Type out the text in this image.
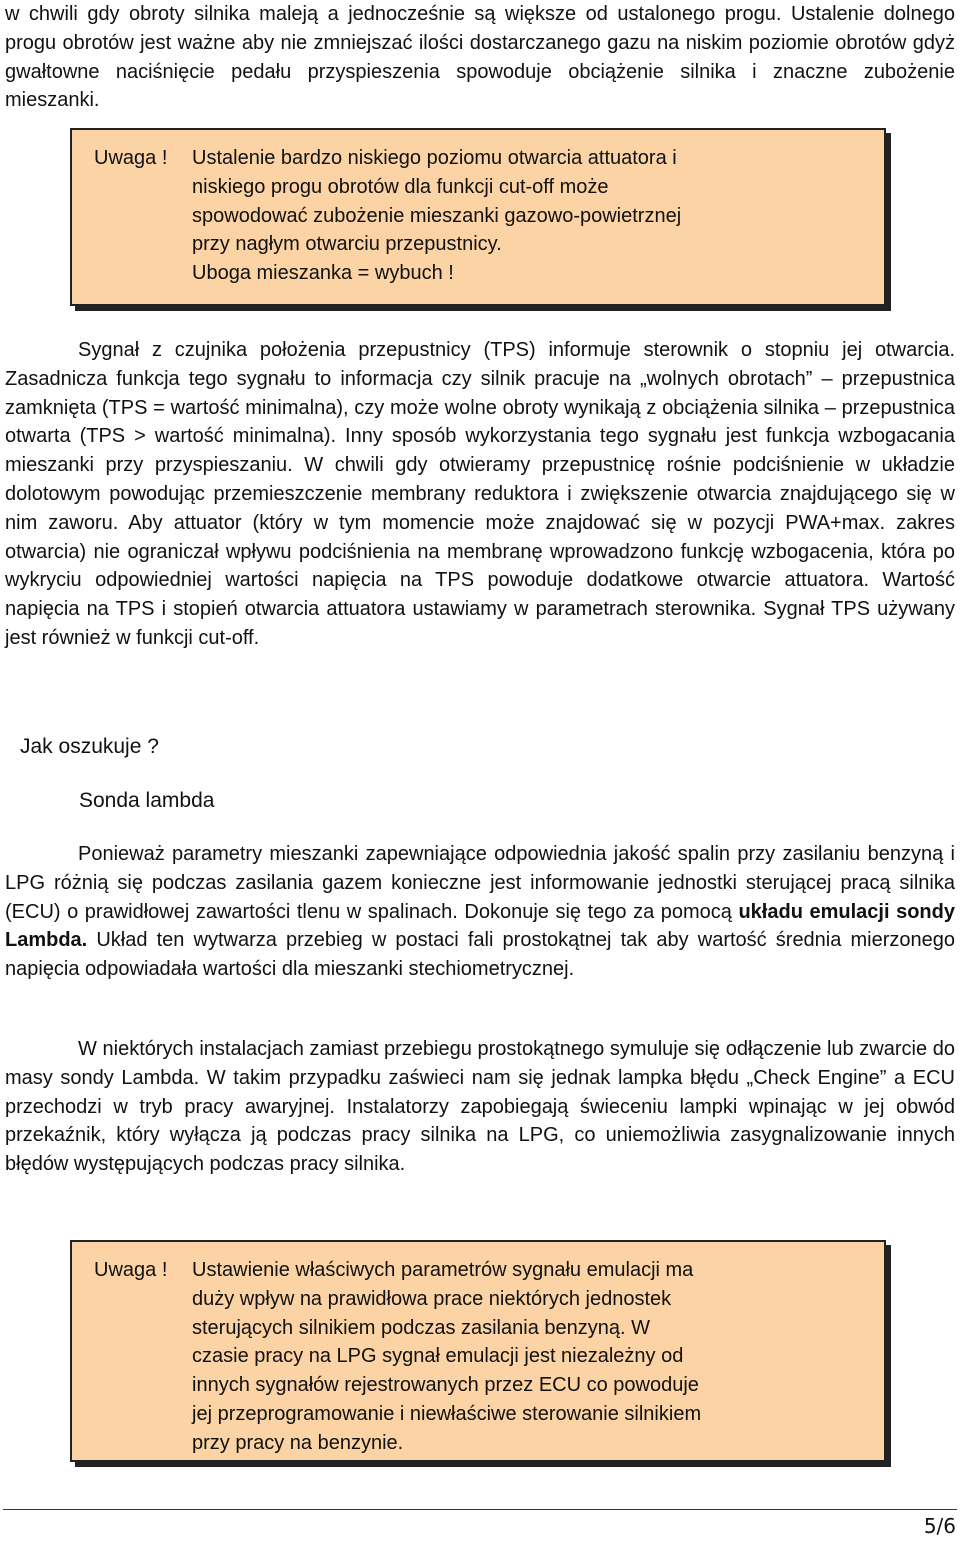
w chwili gdy obroty silnika maleją a jednocześnie są większe od ustalonego progu. Ustalenie dolnego progu obrotów jest ważne aby nie zmniejszać ilości dostarczanego gazu na niskim poziomie obrotów gdyż gwałtowne naciśnięcie pedału przyspieszenia spowoduje obciążenie silnika i znaczne zubożenie mieszanki.

Uwaga !	Ustalenie bardzo niskiego poziomu otwarcia attuatora i
niskiego progu obrotów dla funkcji cut-off może
spowodować zubożenie mieszanki gazowo-powietrznej
przy nagłym otwarciu przepustnicy.
Uboga mieszanka = wybuch !

Sygnał z czujnika położenia przepustnicy (TPS) informuje sterownik o stopniu jej otwarcia. Zasadnicza funkcja tego sygnału to informacja czy silnik pracuje na „wolnych obrotach” – przepustnica zamknięta (TPS = wartość minimalna), czy może wolne obroty wynikają z obciążenia silnika – przepustnica otwarta (TPS > wartość minimalna). Inny sposób wykorzystania tego sygnału jest funkcja wzbogacania mieszanki przy przyspieszaniu. W chwili gdy otwieramy przepustnicę rośnie podciśnienie w układzie dolotowym powodując przemieszczenie membrany reduktora i zwiększenie otwarcia znajdującego się w nim zaworu. Aby attuator (który w tym momencie może znajdować się w pozycji PWA+max. zakres otwarcia) nie ograniczał wpływu podciśnienia na membranę wprowadzono funkcję wzbogacenia, która po wykryciu odpowiedniej wartości napięcia na TPS powoduje dodatkowe otwarcie attuatora. Wartość napięcia na TPS i stopień otwarcia attuatora ustawiamy w parametrach sterownika. Sygnał TPS używany jest również w funkcji cut-off.

Jak oszukuje ?
Sonda lambda

Ponieważ parametry mieszanki zapewniające odpowiednia jakość spalin przy zasilaniu benzyną i LPG różnią się podczas zasilania gazem konieczne jest informowanie jednostki sterującej pracą silnika (ECU) o prawidłowej zawartości tlenu w spalinach. Dokonuje się tego za pomocą układu emulacji sondy Lambda. Układ ten wytwarza przebieg w postaci fali prostokątnej tak aby wartość średnia mierzonego napięcia odpowiadała wartości dla mieszanki stechiometrycznej.

W niektórych instalacjach zamiast przebiegu prostokątnego symuluje się odłączenie lub zwarcie do masy sondy Lambda. W takim przypadku zaświeci nam się jednak lampka błędu „Check Engine” a ECU przechodzi w tryb pracy awaryjnej. Instalatorzy zapobiegają świeceniu lampki wpinając w jej obwód przekaźnik, który wyłącza ją podczas pracy silnika na LPG, co uniemożliwia zasygnalizowanie innych błędów występujących podczas pracy silnika.

Uwaga !	Ustawienie właściwych parametrów sygnału emulacji ma
duży wpływ na prawidłowa prace niektórych jednostek
sterujących silnikiem podczas zasilania benzyną. W
czasie pracy na LPG sygnał emulacji jest niezależny od
innych sygnałów rejestrowanych przez ECU co powoduje
jej przeprogramowanie i niewłaściwe sterowanie silnikiem
przy pracy na benzynie.
5/6
